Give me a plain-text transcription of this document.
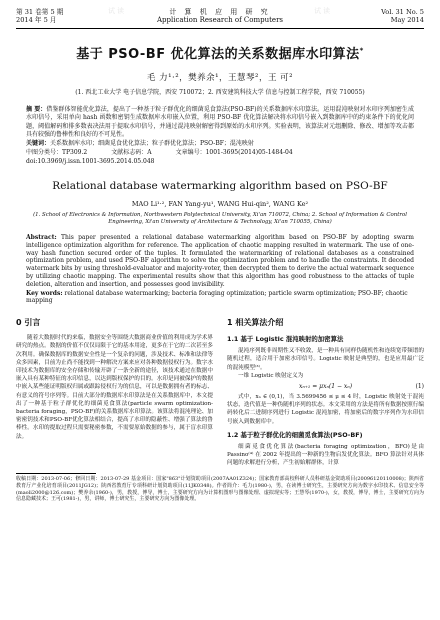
第 31 卷第 5 期
2014 年 5 月
试读	计 算 机 应 用 研 究
Application Research of Computers
试读	Vol. 31 No. 5
May 2014
基于 PSO-BF 优化算法的关系数据库水印算法*
毛 力¹·²，樊养余¹，王慧琴²，王 可²
(1. 西北工业大学 电子信息学院，西安 710072；2. 西安建筑科技大学 信息与控制工程学院，西安 710055)
摘 要：借鉴群体智能优化算法，提出了一种基于粒子群优化的细菌觅食算法(PSO-BF)的关系数据库水印算法。运用混沌映射对水印序列加密生成水印信号，采用单向 hash 函数和密钥生成数据库水印嵌入位置，利用 PSO-BF 优化算法解决将水印信号嵌入到数据库中的约束条件下的优化问题，阈值解码和排多数表决法用于提取水印信号，并通过混沌映射解密得到原始的水印序列。实验表明，该算法对元组删除、修改、增加等攻击都具有较强的鲁棒性和良好的不可见性。
关键词：关系数据库水印；细菌觅食优化算法；粒子群优化算法；PSO-BF；混沌映射
中图分类号：TP309.2	文献标志码：A	文章编号：1001-3695(2014)05-1484-04
doi:10.3969/j.issn.1001-3695.2014.05.048
Relational database watermarking algorithm based on PSO-BF
MAO Li¹·², FAN Yang-yu¹, WANG Hui-qin², WANG Ke²
(1. School of Electronics & Information, Northwestern Polytechnical University, Xi'an 710072, China; 2. School of Information & Control Engineering, Xi'an University of Architecture & Technology, Xi'an 710055, China)
Abstract: This paper presented a relational database watermarking algorithm based on PSO-BF by adopting swarm intelligence optimization algorithm for reference. The application of chaotic mapping resulted in watermark. The use of one-way hash function secured order of the tuples. It formulated the watermarking of relational databases as a constrained optimization problem, and used PSO-BF algorithm to solve the optimization problem and to handle the constraints. It decoded watermark bits by using threshold-evaluator and majority-voter, then decrypted them to derive the actual watermark sequence by utilizing chaotic mapping. The experimental results show that this algorithm has good robustness to the attacks of tuple deletion, alteration and insertion, and possesses good invisibility.
Key words: relational database watermarking; bacteria foraging optimization; particle swarm optimization; PSO-BF; chaotic mapping
0 引言

随着大数据时代的来临，数据安全等围绕大数据商业价值的利用成为学术界研究的热点。数据的价值不仅仅局限于它的基本用途，更多在于它的二次甚至多次利用。确保数据库的数据安全性是一个复杂的问题，涉及技术、标准和法律等众多因素，目前为止尚不能找到一种解决方案来应对各种数据侵权行为。数字水印技术为数据库的安全存储和传输开辟了一条全新的途径，该技术通过在数据中嵌入具有某种特征的水印信息，以达到版权保护的目的。水印是同被保护的数据中嵌入某些能证明版权归属或跟踪侵权行为的信息，可以是数据拥有者的标志、有意义的符号序列等。目前大部分的数据库水印算法是在关系数据库中，本文提出了一种基于粒子群优化的细菌觅食算法(particle swarm optimization-bacteria foraging，PSO-BF)的关系数据库水印算法。该算法将混沌理论、加密密钥技术和PSO-BF优化算法相结合，提高了水印的隐蔽性、增强了算法的鲁棒性。水印的提取过程只需要秘密参数，不需要原始数据的参与，属于盲水印算法。

1 相关算法介绍
1.1 基于 Logistic 混沌映射的加密算法

混沌序列既非周期性又不收敛，是一种具有同样伪随机性和连续宽带频谱的随机过程，适合用于加密水印信号。Logistic 映射是典型的，也是应用最广泛的混沌模型⁽³⁾。

一维 Logistic 映射定义为

xₙ₊₁ = μxₙ(1 − xₙ)	(1)

式中，xₙ ∈ (0,1)，当 3.5699456 ≤ μ ≤ 4 时，Logistic 映射处于混沌状态，迭代值是一种伪随机序列的状态。本文采用的方法是将所有数据按照行编码转化后二进制序列进行 Logistic 混沌加密，将加密后的数字序列作为水印信号嵌入到数据库中。

1.2 基于粒子群优化的细菌觅食算法(PSO-BF)

细菌觅食优化算法(bacteria foraging optimization，BFO)是由 Passino⁽⁴⁾ 在 2002 年提出的一种新的生物启发优化算法。BFO 算法针对具体问题的求解进行分析，产生初始解群体，计算

收稿日期：2013-07-06；修回日期：2013-07-29 基金项目：国家"863"计划资助项目(2007AA01Z324)；国家教育部高校科研人员科研基金资助项目(20096120110008)；陕西省教育厅产业化培育项目(2011JG12)；陕西省教育厅专项科研计划资助项目(11JK0348)。作者简介：毛力(1980-)，男，在读博士研究生，主要研究方向为数字水印技术、信息安全等(maoli2000@126.com)；樊养余(1960-)，男，教授，博导，博士，主要研究方向为计算机图形与图像处理、虚拟现实等；王慧琴(1970-)，女，教授，博导，博士，主要研究方向为信息隐藏技术；王可(1981-)，男，讲师，博士研究生，主要研究方向为图像处理。
